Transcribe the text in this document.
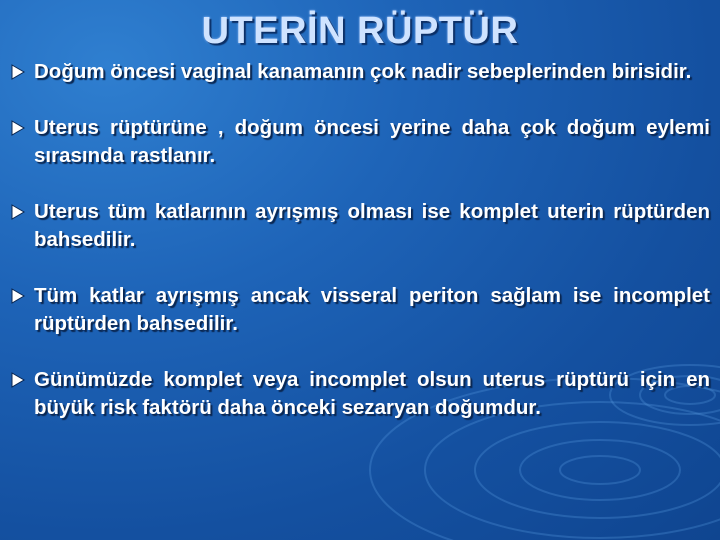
UTERİN RÜPTÜR
Doğum öncesi vaginal kanamanın çok nadir sebeplerinden birisidir.
Uterus rüptürüne , doğum öncesi yerine daha çok doğum eylemi sırasında rastlanır.
Uterus tüm katlarının ayrışmış olması ise komplet uterin rüptürden bahsedilir.
Tüm katlar ayrışmış ancak visseral periton sağlam ise incomplet rüptürden bahsedilir.
Günümüzde komplet veya incomplet olsun uterus rüptürü için en büyük risk faktörü daha önceki sezaryan doğumdur.
